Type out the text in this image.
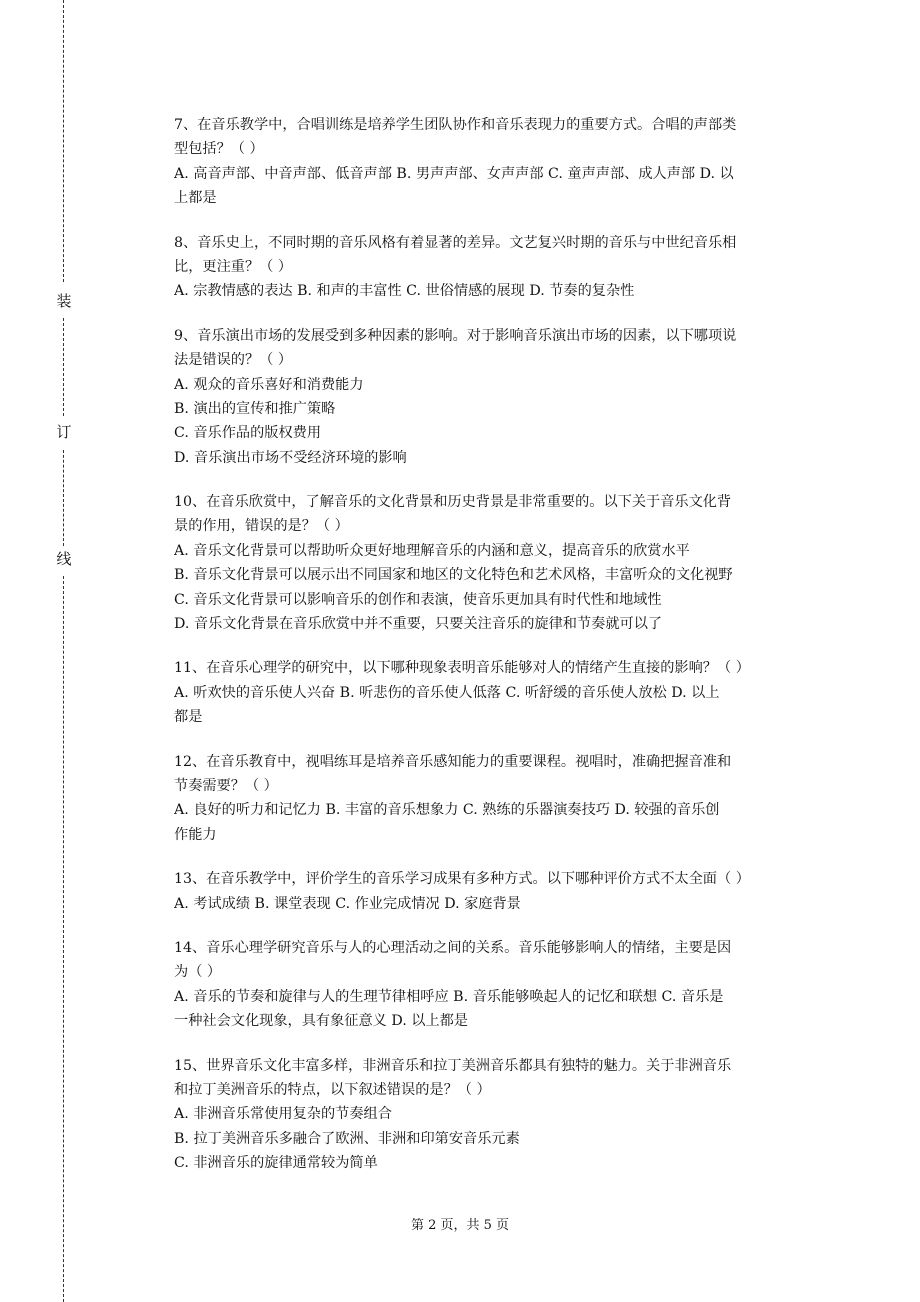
装
订
线
7、在音乐教学中，合唱训练是培养学生团队协作和音乐表现力的重要方式。合唱的声部类
型包括？（ ）
A. 高音声部、中音声部、低音声部 B. 男声声部、女声声部 C. 童声声部、成人声部 D. 以
上都是
8、音乐史上，不同时期的音乐风格有着显著的差异。文艺复兴时期的音乐与中世纪音乐相
比，更注重？（ ）
A. 宗教情感的表达 B. 和声的丰富性 C. 世俗情感的展现 D. 节奏的复杂性
9、音乐演出市场的发展受到多种因素的影响。对于影响音乐演出市场的因素，以下哪项说
法是错误的？（ ）
A. 观众的音乐喜好和消费能力
B. 演出的宣传和推广策略
C. 音乐作品的版权费用
D. 音乐演出市场不受经济环境的影响
10、在音乐欣赏中，了解音乐的文化背景和历史背景是非常重要的。以下关于音乐文化背
景的作用，错误的是？（ ）
A. 音乐文化背景可以帮助听众更好地理解音乐的内涵和意义，提高音乐的欣赏水平
B. 音乐文化背景可以展示出不同国家和地区的文化特色和艺术风格，丰富听众的文化视野
C. 音乐文化背景可以影响音乐的创作和表演，使音乐更加具有时代性和地域性
D. 音乐文化背景在音乐欣赏中并不重要，只要关注音乐的旋律和节奏就可以了
11、在音乐心理学的研究中，以下哪种现象表明音乐能够对人的情绪产生直接的影响？（ ）
A. 听欢快的音乐使人兴奋 B. 听悲伤的音乐使人低落 C. 听舒缓的音乐使人放松 D. 以上
都是
12、在音乐教育中，视唱练耳是培养音乐感知能力的重要课程。视唱时，准确把握音准和
节奏需要？（ ）
A. 良好的听力和记忆力 B. 丰富的音乐想象力 C. 熟练的乐器演奏技巧 D. 较强的音乐创
作能力
13、在音乐教学中，评价学生的音乐学习成果有多种方式。以下哪种评价方式不太全面（ ）
A. 考试成绩 B. 课堂表现 C. 作业完成情况 D. 家庭背景
14、音乐心理学研究音乐与人的心理活动之间的关系。音乐能够影响人的情绪，主要是因
为（ ）
A. 音乐的节奏和旋律与人的生理节律相呼应 B. 音乐能够唤起人的记忆和联想 C. 音乐是
一种社会文化现象，具有象征意义 D. 以上都是
15、世界音乐文化丰富多样，非洲音乐和拉丁美洲音乐都具有独特的魅力。关于非洲音乐
和拉丁美洲音乐的特点，以下叙述错误的是？（ ）
A. 非洲音乐常使用复杂的节奏组合
B. 拉丁美洲音乐多融合了欧洲、非洲和印第安音乐元素
C. 非洲音乐的旋律通常较为简单
第 2 页，共 5 页
